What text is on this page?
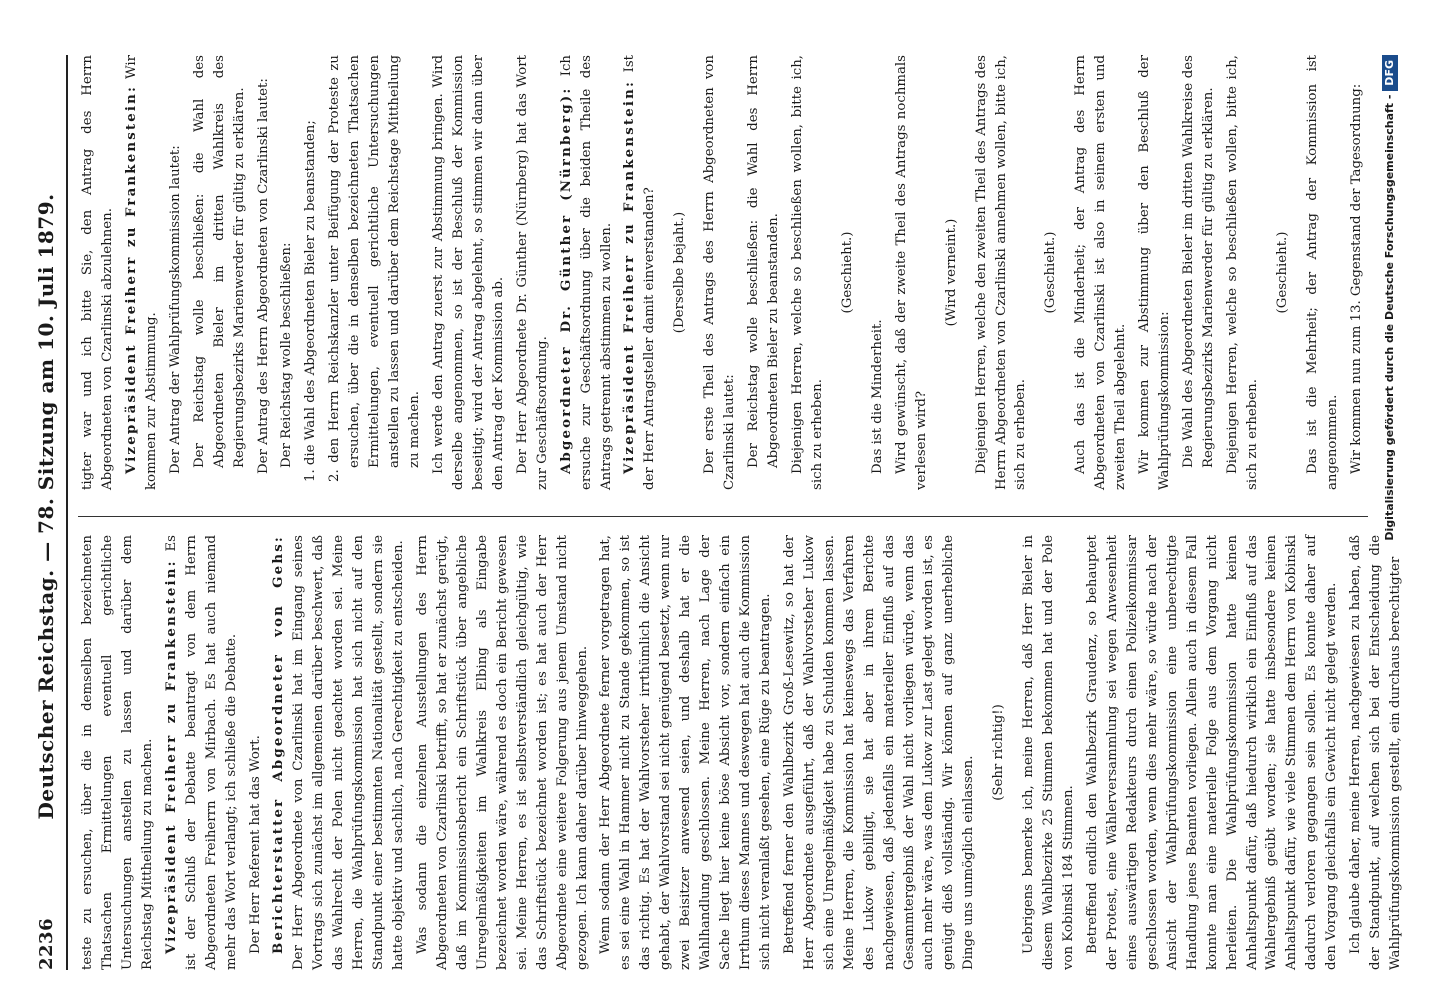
2236
Deutscher Reichstag. — 78. Sitzung am 10. Juli 1879. teste zu ersuchen, über die in demselben bezeichneten Thatsachen Ermittelungen eventuell gerichtliche Untersuchungen anstellen zu lassen und darüber dem Reichstag Mittheilung zu machen. Vizepräsident Freiherr zu Frankenstein: Es ist der Schluß der Debatte beantragt von dem Herrn Abgeordneten Freiherrn von Mirbach. Es hat auch niemand mehr das Wort verlangt; ich schließe die Debatte. Der Herr Referent hat das Wort. Berichterstatter Abgeordneter von Gehs: Der Herr Abgeordnete von Czarlinski hat im Eingang seines Vortrags sich zunächst im allgemeinen darüber beschwert, daß das Wahlrecht der Polen nicht geachtet worden sei. Meine Herren, die Wahlprüfungskommission hat sich nicht auf den Standpunkt einer bestimmten Nationalität gestellt, sondern sie hatte objektiv und sachlich, nach Gerechtigkeit zu entscheiden. Was sodann die einzelnen Ausstellungen des Herrn Abgeordneten von Czarlinski betrifft, so hat er zunächst gerügt, daß im Kommissionsbericht ein Schriftstück über angebliche Unregelmäßigkeiten im Wahlkreis Elbing als Eingabe bezeichnet worden wäre, während es doch ein Bericht gewesen sei. Meine Herren, es ist selbstverständlich gleichgültig, wie das Schriftstück bezeichnet worden ist; es hat auch der Herr Abgeordnete eine weitere Folgerung aus jenem Umstand nicht gezogen. Ich kann daher darüber hinweggehen. Wenn sodann der Herr Abgeordnete ferner vorgetragen hat, es sei eine Wahl in Hammer nicht zu Stande gekommen, so ist das richtig. Es hat der Wahlvorsteher irrthümlich die Ansicht gehabt, der Wahlvorstand sei nicht genügend besetzt, wenn nur zwei Beisitzer anwesend seien, und deshalb hat er die Wahlhandlung geschlossen. Meine Herren, nach Lage der Sache liegt hier keine böse Absicht vor, sondern einfach ein Irrthum dieses Mannes und deswegen hat auch die Kommission sich nicht veranlaßt gesehen, eine Rüge zu beantragen. Betreffend ferner den Wahlbezirk Groß-Lesewitz, so hat der Herr Abgeordnete ausgeführt, daß der Wahlvorsteher Lukow sich eine Unregelmäßigkeit habe zu Schulden kommen lassen. Meine Herren, die Kommission hat keineswegs das Verfahren des Lukow gebilligt, sie hat aber in ihrem Berichte nachgewiesen, daß jedenfalls ein materieller Einfluß auf das Gesammtergebniß der Wahl nicht vorliegen würde, wenn das auch mehr wäre, was dem Lukow zur Last gelegt worden ist, es genügt dieß vollständig. Wir können auf ganz unerhebliche Dinge uns unmöglich einlassen.

(Sehr richtig!) Uebrigens bemerke ich, meine Herren, daß Herr Bieler in diesem Wahlbezirke 25 Stimmen bekommen hat und der Pole von Kobinski 184 Stimmen. Betreffend endlich den Wahlbezirk Graudenz, so behauptet der Protest, eine Wählerversammlung sei wegen Anwesenheit eines auswärtigen Redakteurs durch einen Polizeikommissar geschlossen worden, wenn dies mehr wäre, so würde nach der Ansicht der Wahlprüfungskommission eine unberechtigte Handlung jenes Beamten vorliegen. Allein auch in diesem Fall konnte man eine materielle Folge aus dem Vorgang nicht herleiten. Die Wahlprüfungskommission hatte keinen Anhaltspunkt dafür, daß hiedurch wirklich ein Einfluß auf das Wahlergebniß geübt worden; sie hatte insbesondere keinen Anhaltspunkt dafür, wie viele Stimmen dem Herrn von Kobinski dadurch verloren gegangen sein sollen. Es konnte daher auf den Vorgang gleichfalls ein Gewicht nicht gelegt werden. Ich glaube daher, meine Herren, nachgewiesen zu haben, daß der Standpunkt, auf welchen sich bei der Entscheidung die Wahlprüfungskommission gestellt, ein durchaus berechtigter

tigter war und ich bitte Sie, den Antrag des Herrn Abgeordneten von Czarlinski abzulehnen. Vizepräsident Freiherr zu Frankenstein: Wir kommen zur Abstimmung. Der Antrag der Wahlprüfungskommission lautet: Der Reichstag wolle beschließen: die Wahl des Abgeordneten Bieler im dritten Wahlkreis des Regierungsbezirks Marienwerder für gültig zu erklären. Der Antrag des Herrn Abgeordneten von Czarlinski lautet: Der Reichstag wolle beschließen: 1. die Wahl des Abgeordneten Bieler zu beanstanden; 2. den Herrn Reichskanzler unter Beifügung der Proteste zu ersuchen, über die in denselben bezeichneten Thatsachen Ermittelungen, eventuell gerichtliche Untersuchungen anstellen zu lassen und darüber dem Reichstage Mittheilung zu machen. Ich werde den Antrag zuerst zur Abstimmung bringen. Wird derselbe angenommen, so ist der Beschluß der Kommission beseitigt; wird der Antrag abgelehnt, so stimmen wir dann über den Antrag der Kommission ab. Der Herr Abgeordnete Dr. Günther (Nürnberg) hat das Wort zur Geschäftsordnung. Abgeordneter Dr. Günther (Nürnberg): Ich ersuche zur Geschäftsordnung über die beiden Theile des Antrags getrennt abstimmen zu wollen. Vizepräsident Freiherr zu Frankenstein: Ist der Herr Antragsteller damit einverstanden? (Derselbe bejaht.) Der erste Theil des Antrags des Herrn Abgeordneten von Czarlinski lautet: Der Reichstag wolle beschließen: die Wahl des Herrn Abgeordneten Bieler zu beanstanden. Diejenigen Herren, welche so beschließen wollen, bitte ich, sich zu erheben.

(Geschieht.)

Das ist die Minderheit. Wird gewünscht, daß der zweite Theil des Antrags nochmals verlesen wird?

(Wird verneint.) Diejenigen Herren, welche den zweiten Theil des Antrags des Herrn Abgeordneten von Czarlinski annehmen wollen, bitte ich, sich zu erheben.

(Geschieht.) Auch das ist die Minderheit; der Antrag des Herrn Abgeordneten von Czarlinski ist also in seinem ersten und zweiten Theil abgelehnt. Wir kommen zur Abstimmung über den Beschluß der Wahlprüfungskommission: Die Wahl des Abgeordneten Bieler im dritten Wahlkreise des Regierungsbezirks Marienwerder für gültig zu erklären. Diejenigen Herren, welche so beschließen wollen, bitte ich, sich zu erheben.

(Geschieht.) Das ist die Mehrheit; der Antrag der Kommission ist angenommen. Wir kommen nun zum 13. Gegenstand der Tagesordnung: Digitalisierung gefördert durch die Deutsche Forschungsgemeinschaft - DFG
